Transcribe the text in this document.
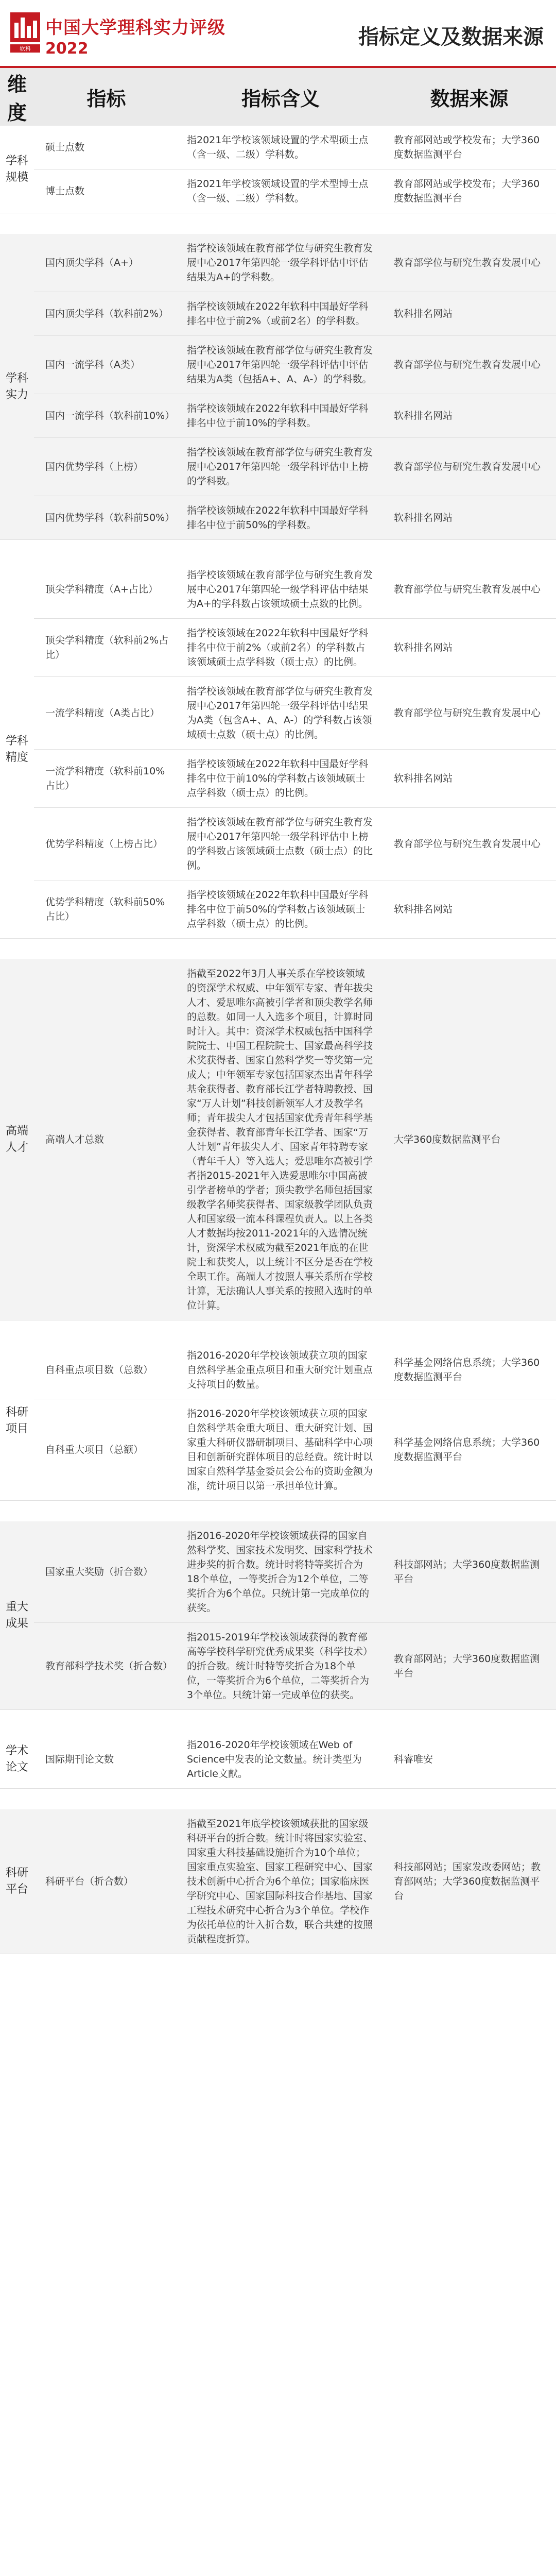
软科
中国大学理科实力评级
2022	指标定义及数据来源
维度	指标	指标含义	数据来源
学科规模	硕士点数	指2021年学校该领域设置的学术型硕士点（含一级、二级）学科数。	教育部网站或学校发布；大学360度数据监测平台
	博士点数	指2021年学校该领域设置的学术型博士点（含一级、二级）学科数。	教育部网站或学校发布；大学360度数据监测平台

学科实力	国内顶尖学科（A+）	指学校该领域在教育部学位与研究生教育发展中心2017年第四轮一级学科评估中评估结果为A+的学科数。	教育部学位与研究生教育发展中心
	国内顶尖学科（软科前2%）	指学校该领域在2022年软科中国最好学科排名中位于前2%（或前2名）的学科数。	软科排名网站
	国内一流学科（A类）	指学校该领域在教育部学位与研究生教育发展中心2017年第四轮一级学科评估中评估结果为A类（包括A+、A、A-）的学科数。	教育部学位与研究生教育发展中心
	国内一流学科（软科前10%）	指学校该领域在2022年软科中国最好学科排名中位于前10%的学科数。	软科排名网站
	国内优势学科（上榜）	指学校该领域在教育部学位与研究生教育发展中心2017年第四轮一级学科评估中上榜的学科数。	教育部学位与研究生教育发展中心
	国内优势学科（软科前50%）	指学校该领域在2022年软科中国最好学科排名中位于前50%的学科数。	软科排名网站

学科精度	顶尖学科精度（A+占比）	指学校该领域在教育部学位与研究生教育发展中心2017年第四轮一级学科评估中结果为A+的学科数占该领域硕士点数的比例。	教育部学位与研究生教育发展中心
	顶尖学科精度（软科前2%占比）	指学校该领域在2022年软科中国最好学科排名中位于前2%（或前2名）的学科数占该领域硕士点学科数（硕士点）的比例。	软科排名网站
	一流学科精度（A类占比）	指学校该领域在教育部学位与研究生教育发展中心2017年第四轮一级学科评估中结果为A类（包含A+、A、A-）的学科数占该领域硕士点数（硕士点）的比例。	教育部学位与研究生教育发展中心
	一流学科精度（软科前10%占比）	指学校该领域在2022年软科中国最好学科排名中位于前10%的学科数占该领域硕士点学科数（硕士点）的比例。	软科排名网站
	优势学科精度（上榜占比）	指学校该领域在教育部学位与研究生教育发展中心2017年第四轮一级学科评估中上榜的学科数占该领域硕士点数（硕士点）的比例。	教育部学位与研究生教育发展中心
	优势学科精度（软科前50%占比）	指学校该领域在2022年软科中国最好学科排名中位于前50%的学科数占该领域硕士点学科数（硕士点）的比例。	软科排名网站

高端人才	高端人才总数	指截至2022年3月人事关系在学校该领域的资深学术权威、中年领军专家、青年拔尖人才、爱思唯尔高被引学者和顶尖教学名师的总数。如同一人入选多个项目，计算时同时计入。其中：资深学术权威包括中国科学院院士、中国工程院院士、国家最高科学技术奖获得者、国家自然科学奖一等奖第一完成人；中年领军专家包括国家杰出青年科学基金获得者、教育部长江学者特聘教授、国家“万人计划”科技创新领军人才及教学名师；青年拔尖人才包括国家优秀青年科学基金获得者、教育部青年长江学者、国家“万人计划”青年拔尖人才、国家青年特聘专家（青年千人）等入选人；爱思唯尔高被引学者指2015-2021年入选爱思唯尔中国高被引学者榜单的学者；顶尖教学名师包括国家级教学名师奖获得者、国家级教学团队负责人和国家级一流本科课程负责人。以上各类人才数据均按2011-2021年的入选情况统计，资深学术权威为截至2021年底的在世院士和获奖人，以上统计不区分是否在学校全职工作。高端人才按照人事关系所在学校计算，无法确认人事关系的按照入选时的单位计算。	大学360度数据监测平台

科研项目	自科重点项目数（总数）	指2016-2020年学校该领域获立项的国家自然科学基金重点项目和重大研究计划重点支持项目的数量。	科学基金网络信息系统；大学360度数据监测平台
	自科重大项目（总额）	指2016-2020年学校该领域获立项的国家自然科学基金重大项目、重大研究计划、国家重大科研仪器研制项目、基础科学中心项目和创新研究群体项目的总经费。统计时以国家自然科学基金委员会公布的资助金额为准，统计项目以第一承担单位计算。	科学基金网络信息系统；大学360度数据监测平台

重大成果	国家重大奖励（折合数）	指2016-2020年学校该领域获得的国家自然科学奖、国家技术发明奖、国家科学技术进步奖的折合数。统计时将特等奖折合为18个单位，一等奖折合为12个单位，二等奖折合为6个单位。只统计第一完成单位的获奖。	科技部网站；大学360度数据监测平台
	教育部科学技术奖（折合数）	指2015-2019年学校该领域获得的教育部高等学校科学研究优秀成果奖（科学技术）的折合数。统计时特等奖折合为18个单位，一等奖折合为6个单位，二等奖折合为3个单位。只统计第一完成单位的获奖。	教育部网站；大学360度数据监测平台

学术论文	国际期刊论文数	指2016-2020年学校该领域在Web of Science中发表的论文数量。统计类型为Article文献。	科睿唯安

科研平台	科研平台（折合数）	指截至2021年底学校该领域获批的国家级科研平台的折合数。统计时将国家实验室、国家重大科技基础设施折合为10个单位；国家重点实验室、国家工程研究中心、国家技术创新中心折合为6个单位；国家临床医学研究中心、国家国际科技合作基地、国家工程技术研究中心折合为3个单位。学校作为依托单位的计入折合数，联合共建的按照贡献程度折算。	科技部网站；国家发改委网站；教育部网站；大学360度数据监测平台
